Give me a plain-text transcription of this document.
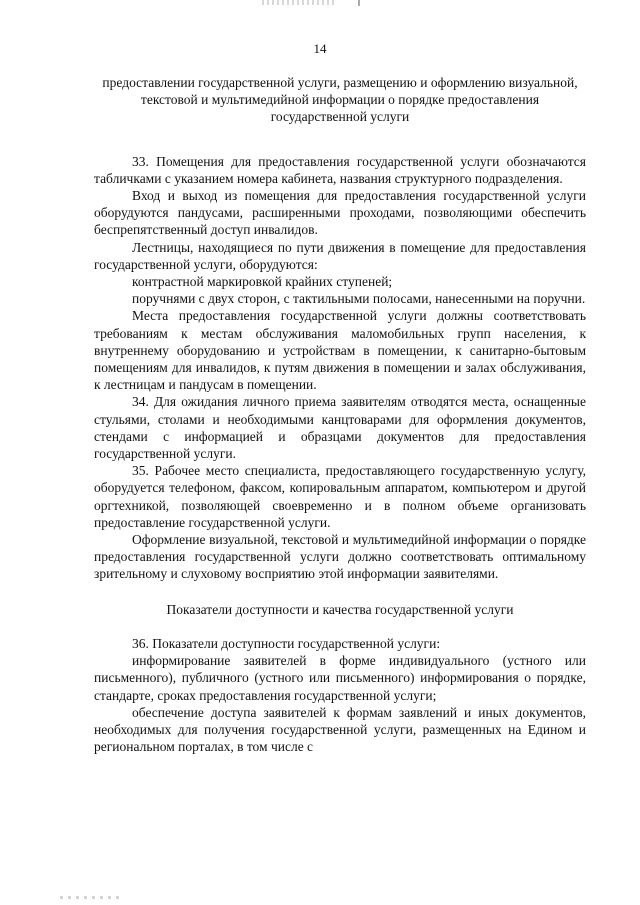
14

предоставлении государственной услуги, размещению и оформлению визуальной, текстовой и мультимедийной информации о порядке предоставления государственной услуги

33. Помещения для предоставления государственной услуги обозначаются табличками с указанием номера кабинета, названия структурного подразделения.

Вход и выход из помещения для предоставления государственной услуги оборудуются пандусами, расширенными проходами, позволяющими обеспечить беспрепятственный доступ инвалидов.

Лестницы, находящиеся по пути движения в помещение для предоставления государственной услуги, оборудуются:

контрастной маркировкой крайних ступеней;

поручнями с двух сторон, с тактильными полосами, нанесенными на поручни.

Места предоставления государственной услуги должны соответствовать требованиям к местам обслуживания маломобильных групп населения, к внутреннему оборудованию и устройствам в помещении, к санитарно-бытовым помещениям для инвалидов, к путям движения в помещении и залах обслуживания, к лестницам и пандусам в помещении.

34. Для ожидания личного приема заявителям отводятся места, оснащенные стульями, столами и необходимыми канцтоварами для оформления документов, стендами с информацией и образцами документов для предоставления государственной услуги.

35. Рабочее место специалиста, предоставляющего государственную услугу, оборудуется телефоном, факсом, копировальным аппаратом, компьютером и другой оргтехникой, позволяющей своевременно и в полном объеме организовать предоставление государственной услуги.

Оформление визуальной, текстовой и мультимедийной информации о порядке предоставления государственной услуги должно соответствовать оптимальному зрительному и слуховому восприятию этой информации заявителями.

Показатели доступности и качества государственной услуги

36. Показатели доступности государственной услуги:

информирование заявителей в форме индивидуального (устного или письменного), публичного (устного или письменного) информирования о порядке, стандарте, сроках предоставления государственной услуги;

обеспечение доступа заявителей к формам заявлений и иных документов, необходимых для получения государственной услуги, размещенных на Едином и региональном порталах, в том числе с
